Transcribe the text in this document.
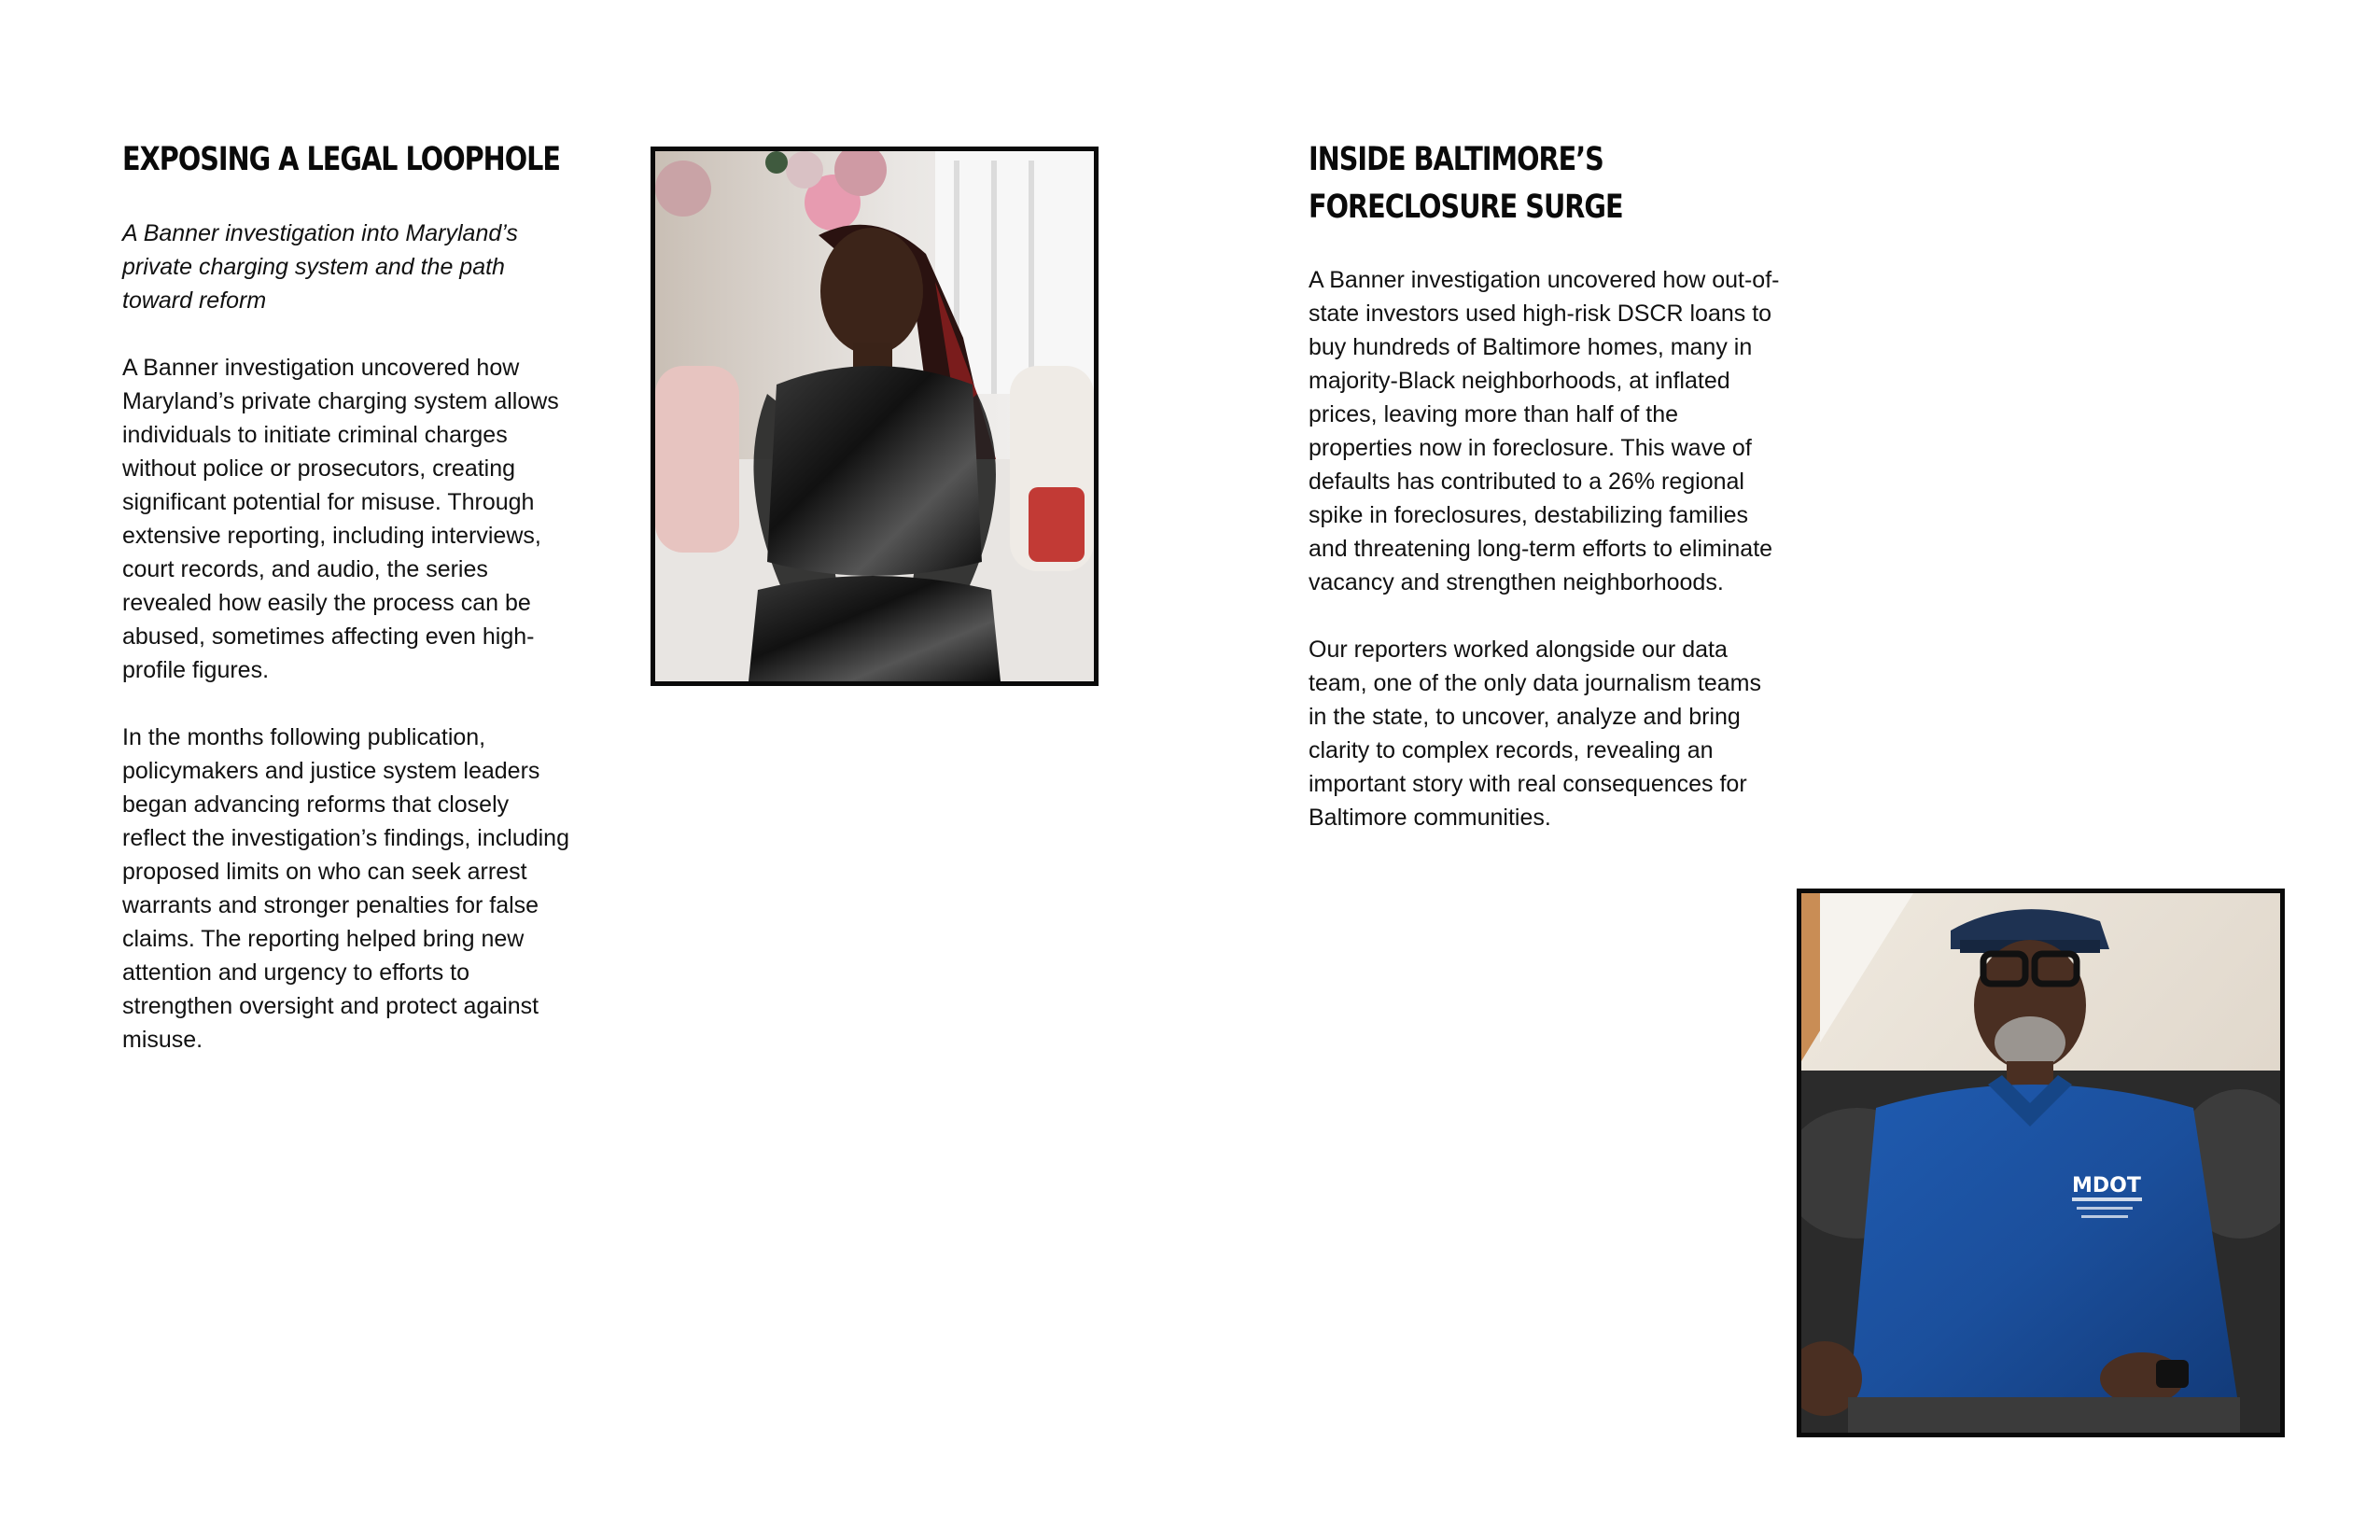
EXPOSING A LEGAL LOOPHOLE

A Banner investigation into Maryland’s private charging system and the path toward reform

A Banner investigation uncovered how Maryland’s private charging system allows individuals to initiate criminal charges without police or prosecutors, creating significant potential for misuse. Through extensive reporting, including interviews, court records, and audio, the series revealed how easily the process can be abused, sometimes affecting even high-profile figures.

In the months following publication, policymakers and justice system leaders began advancing reforms that closely reflect the investigation’s findings, including proposed limits on who can seek arrest warrants and stronger penalties for false claims. The reporting helped bring new attention and urgency to efforts to strengthen oversight and protect against misuse.

INSIDE BALTIMORE’S
FORECLOSURE SURGE

A Banner investigation uncovered how out-of-state investors used high-risk DSCR loans to buy hundreds of Baltimore homes, many in majority-Black neighborhoods, at inflated prices, leaving more than half of the properties now in foreclosure. This wave of defaults has contributed to a 26% regional spike in foreclosures, destabilizing families and threatening long-term efforts to eliminate vacancy and strengthen neighborhoods.

Our reporters worked alongside our data team, one of the only data journalism teams in the state, to uncover, analyze and bring clarity to complex records, revealing an important story with real consequences for Baltimore communities.

MDOT
